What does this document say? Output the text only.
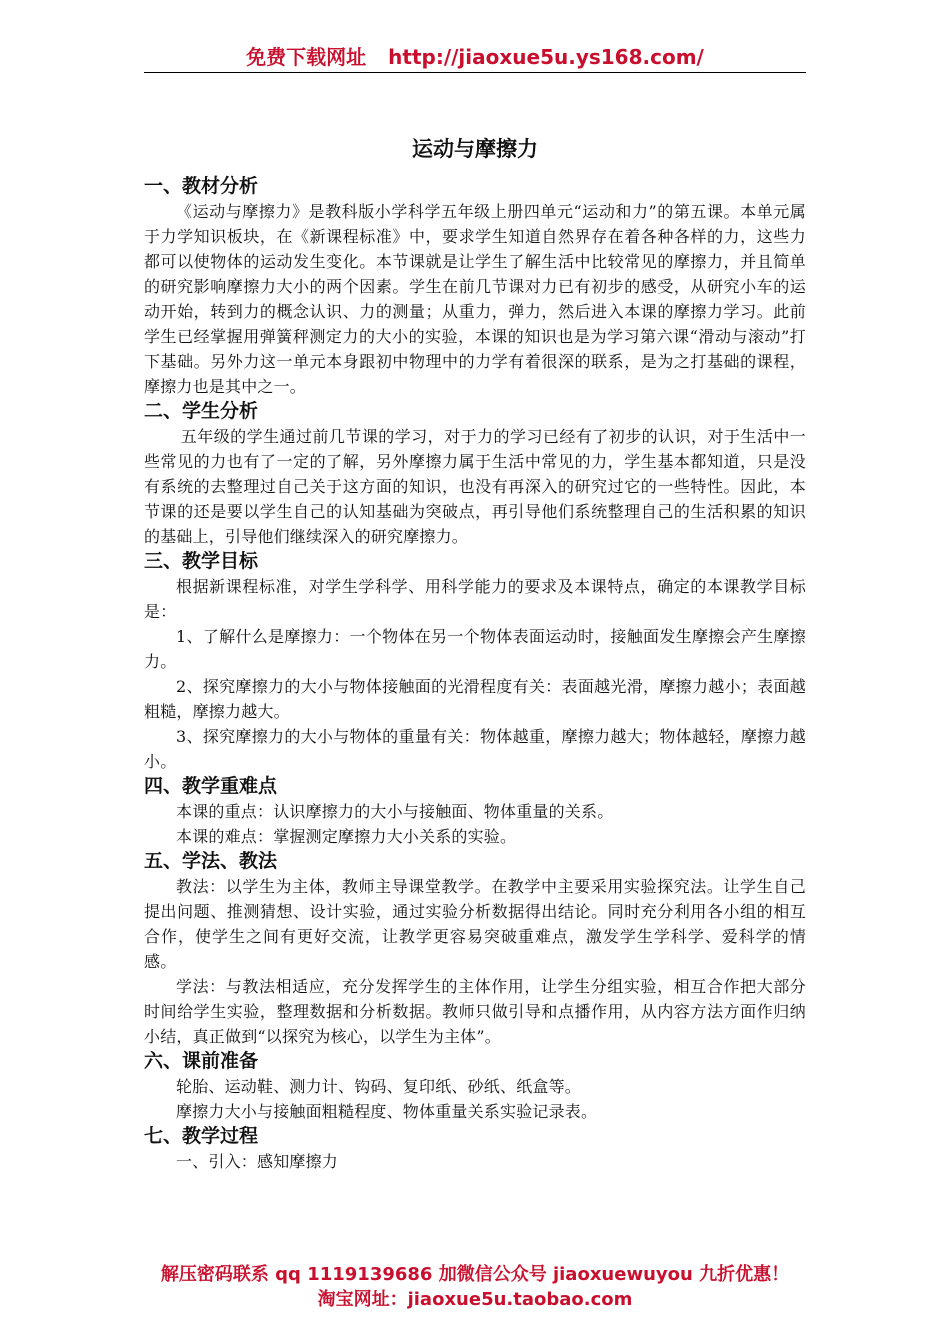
免费下载网址 http://jiaoxue5u.ys168.com/
运动与摩擦力
一、教材分析

《运动与摩擦力》是教科版小学科学五年级上册四单元“运动和力”的第五课。本单元属于力学知识板块，在《新课程标准》中，要求学生知道自然界存在着各种各样的力，这些力都可以使物体的运动发生变化。本节课就是让学生了解生活中比较常见的摩擦力，并且简单的研究影响摩擦力大小的两个因素。学生在前几节课对力已有初步的感受，从研究小车的运动开始，转到力的概念认识、力的测量；从重力，弹力，然后进入本课的摩擦力学习。此前学生已经掌握用弹簧秤测定力的大小的实验，本课的知识也是为学习第六课“滑动与滚动”打下基础。另外力这一单元本身跟初中物理中的力学有着很深的联系，是为之打基础的课程，摩擦力也是其中之一。

二、学生分析

五年级的学生通过前几节课的学习，对于力的学习已经有了初步的认识，对于生活中一些常见的力也有了一定的了解，另外摩擦力属于生活中常见的力，学生基本都知道，只是没有系统的去整理过自己关于这方面的知识，也没有再深入的研究过它的一些特性。因此，本节课的还是要以学生自己的认知基础为突破点，再引导他们系统整理自己的生活积累的知识的基础上，引导他们继续深入的研究摩擦力。

三、教学目标

根据新课程标准，对学生学科学、用科学能力的要求及本课特点，确定的本课教学目标是：

1、了解什么是摩擦力：一个物体在另一个物体表面运动时，接触面发生摩擦会产生摩擦力。

2、探究摩擦力的大小与物体接触面的光滑程度有关：表面越光滑，摩擦力越小；表面越粗糙，摩擦力越大。

3、探究摩擦力的大小与物体的重量有关：物体越重，摩擦力越大；物体越轻，摩擦力越小。

四、教学重难点

本课的重点：认识摩擦力的大小与接触面、物体重量的关系。

本课的难点：掌握测定摩擦力大小关系的实验。

五、学法、教法

教法：以学生为主体，教师主导课堂教学。在教学中主要采用实验探究法。让学生自己提出问题、推测猜想、设计实验，通过实验分析数据得出结论。同时充分利用各小组的相互合作，使学生之间有更好交流，让教学更容易突破重难点，激发学生学科学、爱科学的情感。

学法：与教法相适应，充分发挥学生的主体作用，让学生分组实验，相互合作把大部分时间给学生实验，整理数据和分析数据。教师只做引导和点播作用，从内容方法方面作归纳小结，真正做到“以探究为核心，以学生为主体”。

六、课前准备

轮胎、运动鞋、测力计、钩码、复印纸、砂纸、纸盒等。

摩擦力大小与接触面粗糙程度、物体重量关系实验记录表。

七、教学过程

一、引入：感知摩擦力

解压密码联系 qq 1119139686 加微信公众号 jiaoxuewuyou 九折优惠！
淘宝网址：jiaoxue5u.taobao.com
